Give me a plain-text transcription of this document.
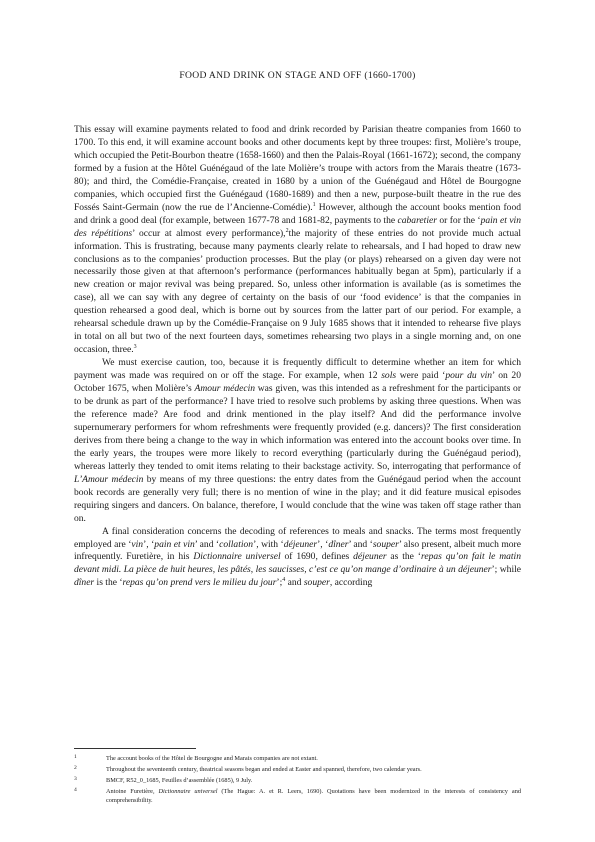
FOOD AND DRINK ON STAGE AND OFF (1660-1700)

This essay will examine payments related to food and drink recorded by Parisian theatre companies from 1660 to 1700. To this end, it will examine account books and other documents kept by three troupes: first, Molière’s troupe, which occupied the Petit-Bourbon theatre (1658-1660) and then the Palais-Royal (1661-1672); second, the company formed by a fusion at the Hôtel Guénégaud of the late Molière’s troupe with actors from the Marais theatre (1673-80); and third, the Comédie-Française, created in 1680 by a union of the Guénégaud and Hôtel de Bourgogne companies, which occupied first the Guénégaud (1680-1689) and then a new, purpose-built theatre in the rue des Fossés Saint-Germain (now the rue de l’Ancienne-Comédie).$^1$ However, although the account books mention food and drink a good deal (for example, between 1677-78 and 1681-82, payments to the cabaretier or for the ‘pain et vin des répétitions’ occur at almost every performance),$^2$the majority of these entries do not provide much actual information. This is frustrating, because many payments clearly relate to rehearsals, and I had hoped to draw new conclusions as to the companies’ production processes. But the play (or plays) rehearsed on a given day were not necessarily those given at that afternoon’s performance (performances habitually began at 5pm), particularly if a new creation or major revival was being prepared. So, unless other information is available (as is sometimes the case), all we can say with any degree of certainty on the basis of our ‘food evidence’ is that the companies in question rehearsed a good deal, which is borne out by sources from the latter part of our period. For example, a rehearsal schedule drawn up by the Comédie-Française on 9 July 1685 shows that it intended to rehearse five plays in total on all but two of the next fourteen days, sometimes rehearsing two plays in a single morning and, on one occasion, three.$^3$

We must exercise caution, too, because it is frequently difficult to determine whether an item for which payment was made was required on or off the stage. For example, when 12 sols were paid ‘pour du vin’ on 20 October 1675, when Molière’s Amour médecin was given, was this intended as a refreshment for the participants or to be drunk as part of the performance? I have tried to resolve such problems by asking three questions. When was the reference made? Are food and drink mentioned in the play itself? And did the performance involve supernumerary performers for whom refreshments were frequently provided (e.g. dancers)? The first consideration derives from there being a change to the way in which information was entered into the account books over time. In the early years, the troupes were more likely to record everything (particularly during the Guénégaud period), whereas latterly they tended to omit items relating to their backstage activity. So, interrogating that performance of L’Amour médecin by means of my three questions: the entry dates from the Guénégaud period when the account book records are generally very full; there is no mention of wine in the play; and it did feature musical episodes requiring singers and dancers. On balance, therefore, I would conclude that the wine was taken off stage rather than on.

A final consideration concerns the decoding of references to meals and snacks. The terms most frequently employed are ‘vin’, ‘pain et vin’ and ‘collation’, with ‘déjeuner’, ‘dîner’ and ‘souper’ also present, albeit much more infrequently. Furetière, in his Dictionnaire universel of 1690, defines déjeuner as the ‘repas qu’on fait le matin devant midi. La pièce de huit heures, les pâtés, les saucisses, c’est ce qu’on mange d’ordinaire à un déjeuner’; while dîner is the ‘repas qu’on prend vers le milieu du jour’;$^4$ and souper, according

1	The account books of the Hôtel de Bourgogne and Marais companies are not extant.
2	Throughout the seventeenth century, theatrical seasons began and ended at Easter and spanned, therefore, two calendar years.
3	BMCF, R52_0_1685, Feuilles d’assemblée (1685), 9 July.
4	Antoine Furetière, Dictionnaire universel (The Hague: A. et R. Leers, 1690). Quotations have been modernized in the interests of consistency and comprehensibility.
